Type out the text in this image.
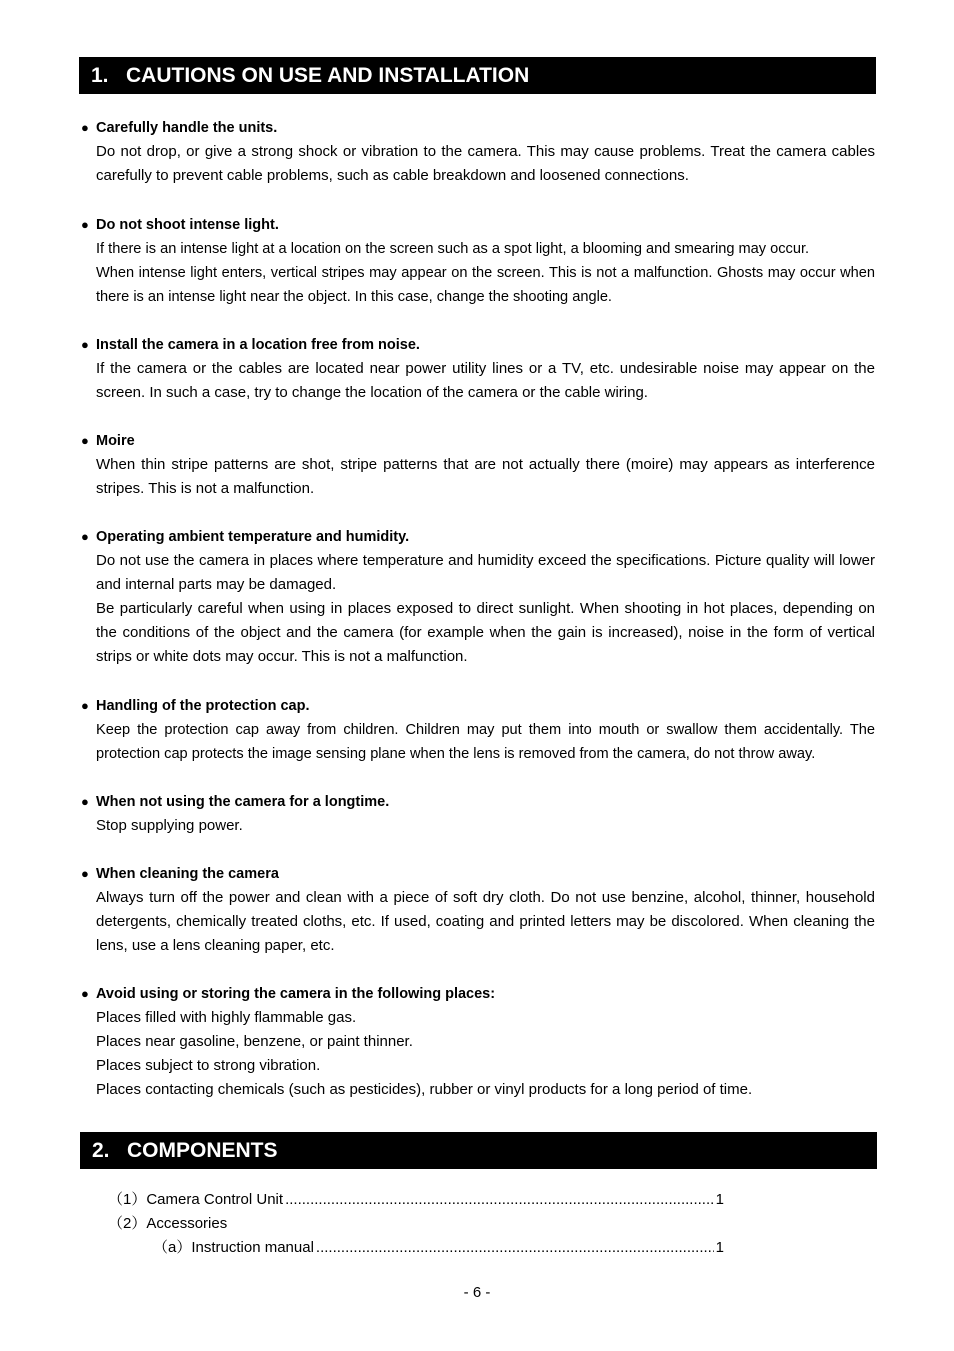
1. CAUTIONS ON USE AND INSTALLATION
● Carefully handle the units.

Do not drop, or give a strong shock or vibration to the camera. This may cause problems. Treat the camera cables carefully to prevent cable problems, such as cable breakdown and loosened connections.

● Do not shoot intense light.

If there is an intense light at a location on the screen such as a spot light, a blooming and smearing may occur.

When intense light enters, vertical stripes may appear on the screen. This is not a malfunction. Ghosts may occur when there is an intense light near the object. In this case, change the shooting angle.

● Install the camera in a location free from noise.

If the camera or the cables are located near power utility lines or a TV, etc. undesirable noise may appear on the screen. In such a case, try to change the location of the camera or the cable wiring.

● Moire

When thin stripe patterns are shot, stripe patterns that are not actually there (moire) may appears as interference stripes. This is not a malfunction.

● Operating ambient temperature and humidity.

Do not use the camera in places where temperature and humidity exceed the specifications. Picture quality will lower and internal parts may be damaged.

Be particularly careful when using in places exposed to direct sunlight. When shooting in hot places, depending on the conditions of the object and the camera (for example when the gain is increased), noise in the form of vertical strips or white dots may occur. This is not a malfunction.

● Handling of the protection cap.

Keep the protection cap away from children. Children may put them into mouth or swallow them accidentally. The protection cap protects the image sensing plane when the lens is removed from the camera, do not throw away.

● When not using the camera for a longtime.

Stop supplying power.

● When cleaning the camera

Always turn off the power and clean with a piece of soft dry cloth. Do not use benzine, alcohol, thinner, household detergents, chemically treated cloths, etc. If used, coating and printed letters may be discolored. When cleaning the lens, use a lens cleaning paper, etc.

● Avoid using or storing the camera in the following places:

Places filled with highly flammable gas.

Places near gasoline, benzene, or paint thinner.

Places subject to strong vibration.

Places contacting chemicals (such as pesticides), rubber or vinyl products for a long period of time.

2. COMPONENTS
（1） Camera Control Unit .....	1
（2） Accessories
（a） Instruction manual .....	1
- 6 -
